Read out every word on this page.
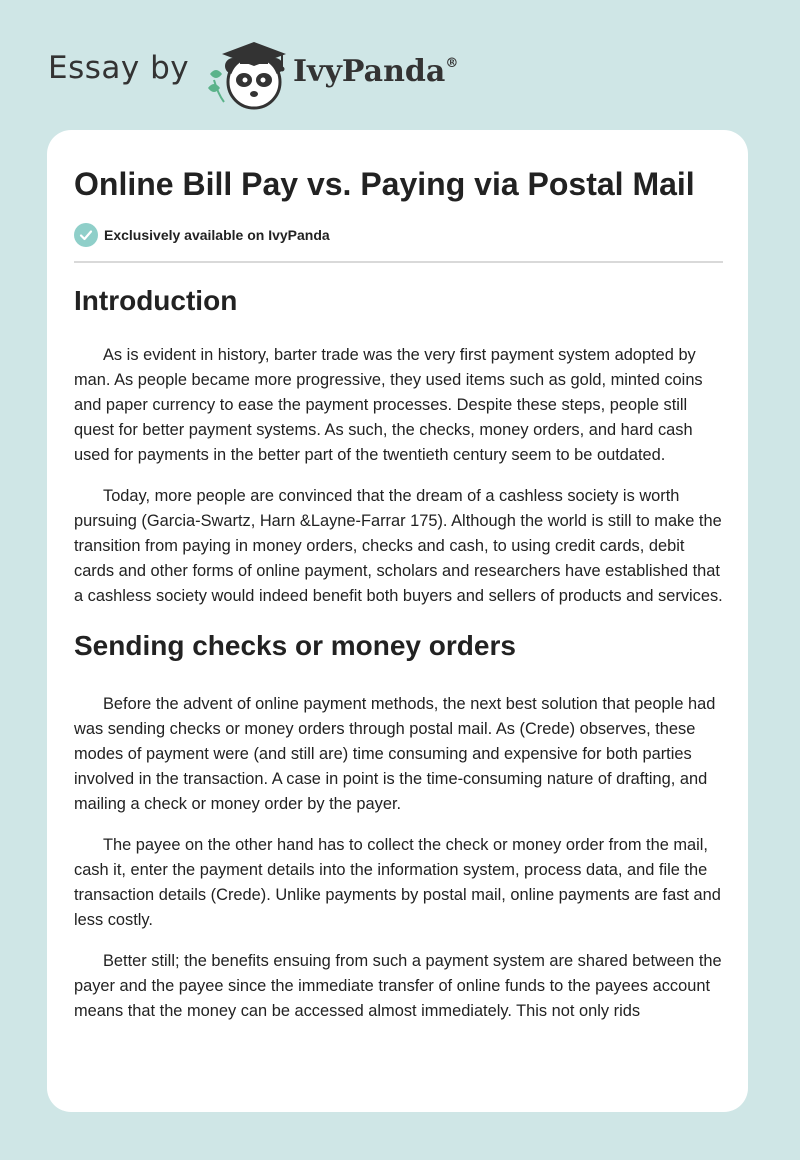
Essay by	IvyPanda®
Online Bill Pay vs. Paying via Postal Mail
Exclusively available on IvyPanda
Introduction

As is evident in history, barter trade was the very first payment system adopted by man. As people became more progressive, they used items such as gold, minted coins and paper currency to ease the payment processes. Despite these steps, people still quest for better payment systems. As such, the checks, money orders, and hard cash used for payments in the better part of the twentieth century seem to be outdated.

Today, more people are convinced that the dream of a cashless society is worth pursuing (Garcia-Swartz, Harn &Layne-Farrar 175). Although the world is still to make the transition from paying in money orders, checks and cash, to using credit cards, debit cards and other forms of online payment, scholars and researchers have established that a cashless society would indeed benefit both buyers and sellers of products and services.

Sending checks or money orders

Before the advent of online payment methods, the next best solution that people had was sending checks or money orders through postal mail. As (Crede) observes, these modes of payment were (and still are) time consuming and expensive for both parties involved in the transaction. A case in point is the time-consuming nature of drafting, and mailing a check or money order by the payer.

The payee on the other hand has to collect the check or money order from the mail, cash it, enter the payment details into the information system, process data, and file the transaction details (Crede). Unlike payments by postal mail, online payments are fast and less costly.

Better still; the benefits ensuing from such a payment system are shared between the payer and the payee since the immediate transfer of online funds to the payees account means that the money can be accessed almost immediately. This not only rids
